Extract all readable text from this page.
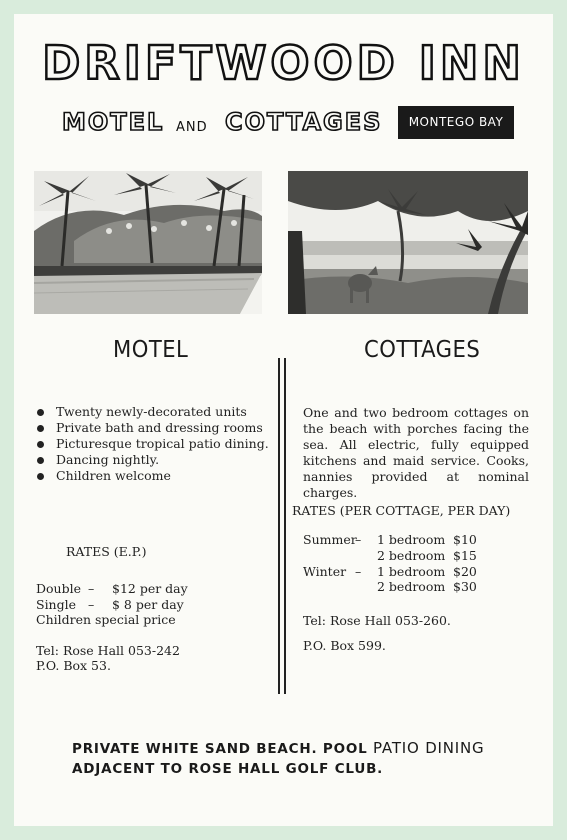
DRIFTWOOD INN
MOTEL AND COTTAGES	MONTEGO BAY
MOTEL	COTTAGES
Twenty newly-decorated units
Private bath and dressing rooms
Picturesque tropical patio dining.
Dancing nightly.
Children welcome
RATES (E.P.)
Double – $12 per day
Single – $ 8 per day
Children special price
Tel: Rose Hall 053-242
P.O. Box 53.
One and two bedroom cottages on the beach with porches facing the sea. All electric, fully equipped kitchens and maid service. Cooks, nannies provided at nominal charges.
RATES (PER COTTAGE, PER DAY)
Summer– 1 bedroom $10
2 bedroom $15
Winter – 1 bedroom $20
2 bedroom $30
Tel: Rose Hall 053-260.
P.O. Box 599.
PRIVATE WHITE SAND BEACH. POOL PATIO DINING
ADJACENT TO ROSE HALL GOLF CLUB.
